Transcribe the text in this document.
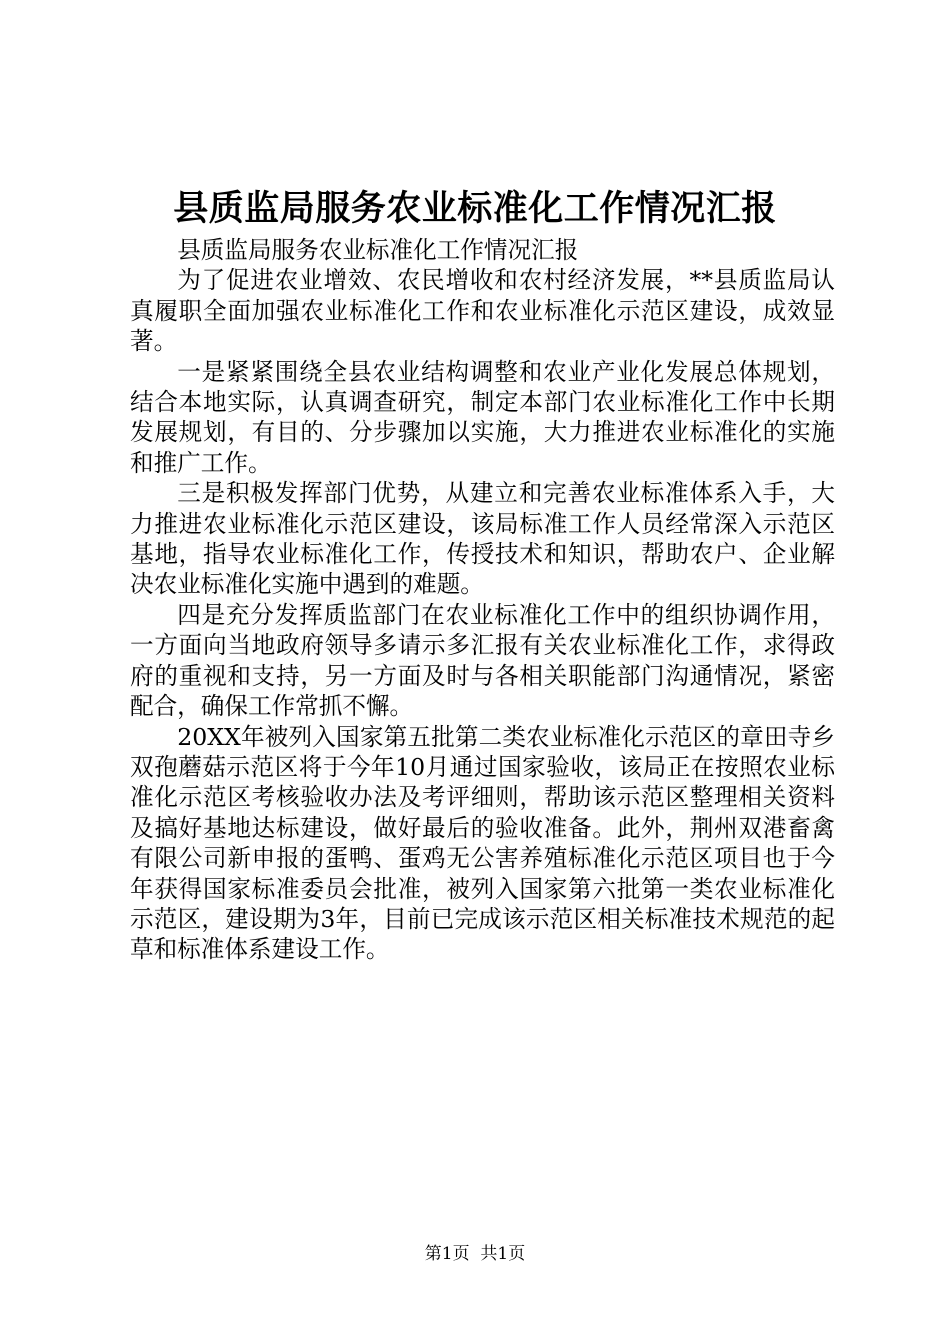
县质监局服务农业标准化工作情况汇报

县质监局服务农业标准化工作情况汇报

为了促进农业增效、农民增收和农村经济发展，**县质监局认真履职全面加强农业标准化工作和农业标准化示范区建设，成效显著。

一是紧紧围绕全县农业结构调整和农业产业化发展总体规划，结合本地实际，认真调查研究，制定本部门农业标准化工作中长期发展规划，有目的、分步骤加以实施，大力推进农业标准化的实施和推广工作。

三是积极发挥部门优势，从建立和完善农业标准体系入手，大力推进农业标准化示范区建设，该局标准工作人员经常深入示范区基地，指导农业标准化工作，传授技术和知识，帮助农户、企业解决农业标准化实施中遇到的难题。

四是充分发挥质监部门在农业标准化工作中的组织协调作用，一方面向当地政府领导多请示多汇报有关农业标准化工作，求得政府的重视和支持，另一方面及时与各相关职能部门沟通情况，紧密配合，确保工作常抓不懈。

20XX年被列入国家第五批第二类农业标准化示范区的章田寺乡双孢蘑菇示范区将于今年10月通过国家验收，该局正在按照农业标准化示范区考核验收办法及考评细则，帮助该示范区整理相关资料及搞好基地达标建设，做好最后的验收准备。此外，荆州双港畜禽有限公司新申报的蛋鸭、蛋鸡无公害养殖标准化示范区项目也于今年获得国家标准委员会批准，被列入国家第六批第一类农业标准化示范区，建设期为3年，目前已完成该示范区相关标准技术规范的起草和标准体系建设工作。

第1页  共1页
